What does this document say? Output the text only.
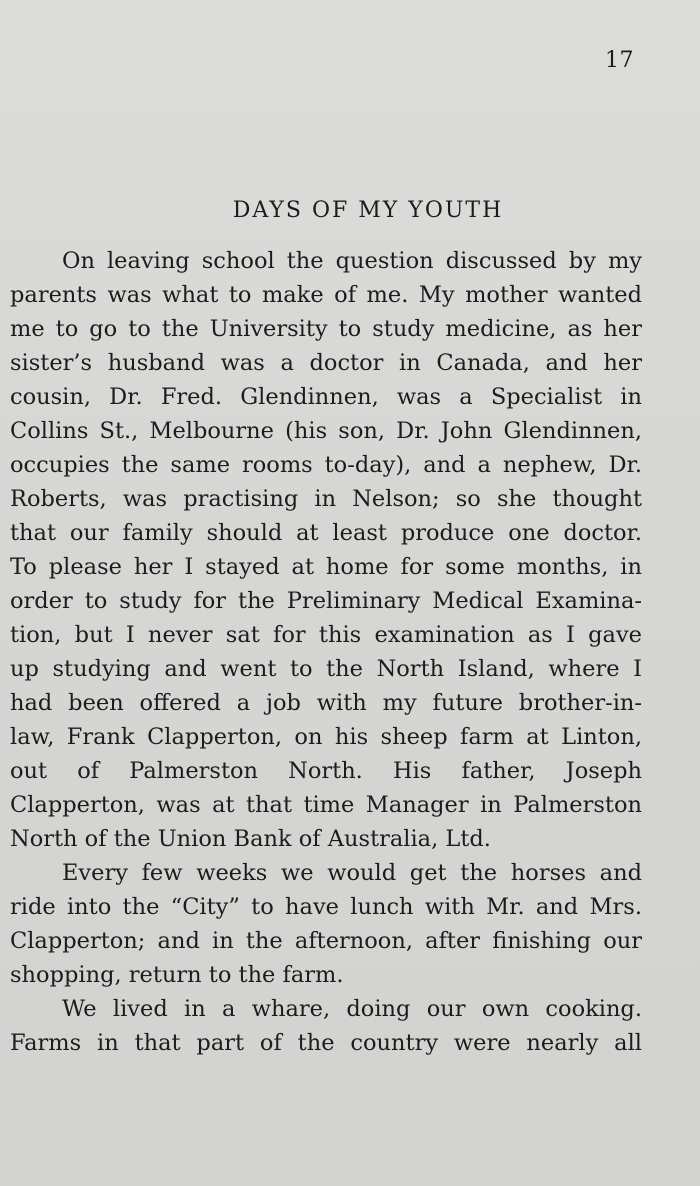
17
DAYS OF MY YOUTH
On leaving school the question discussed by my
parents was what to make of me. My mother wanted
me to go to the University to study medicine, as her
sister’s husband was a doctor in Canada, and her
cousin, Dr. Fred. Glendinnen, was a Specialist in
Collins St., Melbourne (his son, Dr. John Glendinnen,
occupies the same rooms to-day), and a nephew, Dr.
Roberts, was practising in Nelson; so she thought
that our family should at least produce one doctor.
To please her I stayed at home for some months, in
order to study for the Preliminary Medical Examina-
tion, but I never sat for this examination as I gave
up studying and went to the North Island, where I
had been offered a job with my future brother-in-
law, Frank Clapperton, on his sheep farm at Linton,
out of Palmerston North. His father, Joseph
Clapperton, was at that time Manager in Palmerston
North of the Union Bank of Australia, Ltd.
Every few weeks we would get the horses and
ride into the “City” to have lunch with Mr. and Mrs.
Clapperton; and in the afternoon, after finishing our
shopping, return to the farm.
We lived in a whare, doing our own cooking.
Farms in that part of the country were nearly all
